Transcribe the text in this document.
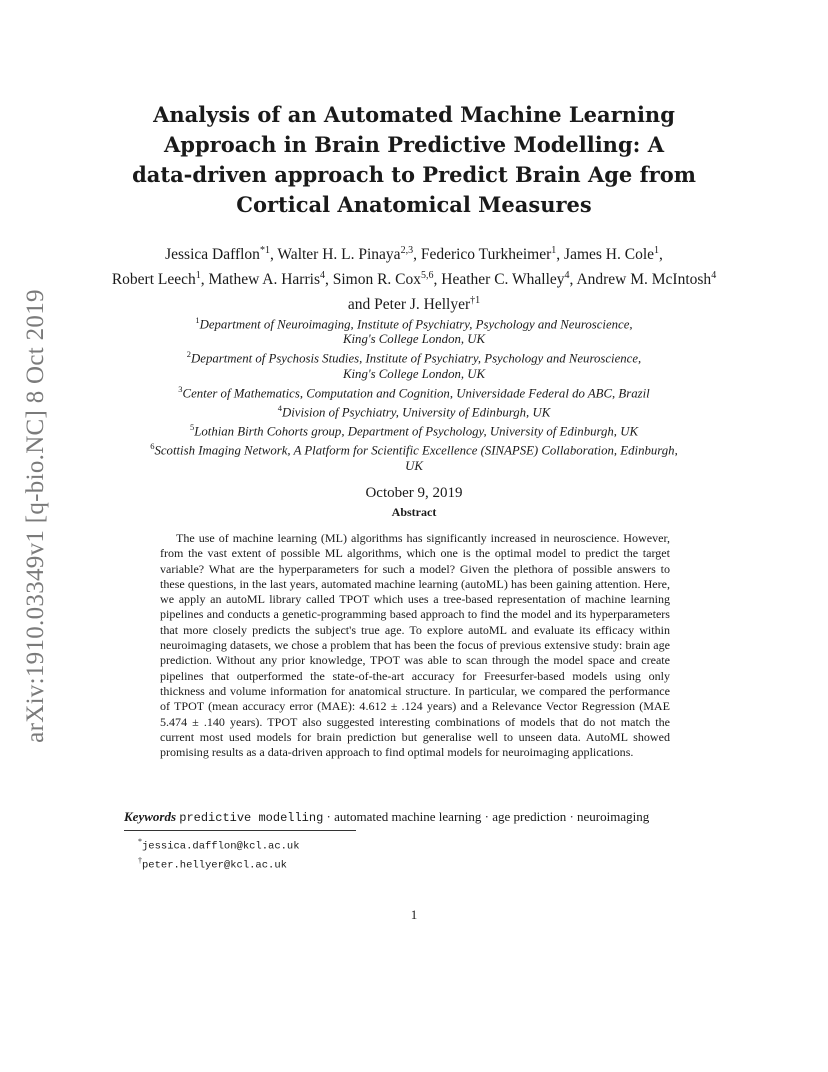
arXiv:1910.03349v1 [q-bio.NC] 8 Oct 2019
Analysis of an Automated Machine Learning
Approach in Brain Predictive Modelling: A
data-driven approach to Predict Brain Age from
Cortical Anatomical Measures
Jessica Dafflon$^{*1}$, Walter H. L. Pinaya$^{2,3}$, Federico Turkheimer$^1$, James H. Cole$^1$,
Robert Leech$^1$, Mathew A. Harris$^4$, Simon R. Cox$^{5,6}$, Heather C. Whalley$^4$, Andrew M. McIntosh$^4$ and Peter J. Hellyer$^{\dagger 1}$
$^1$Department of Neuroimaging, Institute of Psychiatry, Psychology and Neuroscience,
King's College London, UK
$^2$Department of Psychosis Studies, Institute of Psychiatry, Psychology and Neuroscience,
King's College London, UK
$^3$Center of Mathematics, Computation and Cognition, Universidade Federal do ABC, Brazil
$^4$Division of Psychiatry, University of Edinburgh, UK
$^5$Lothian Birth Cohorts group, Department of Psychology, University of Edinburgh, UK
$^6$Scottish Imaging Network, A Platform for Scientific Excellence (SINAPSE) Collaboration, Edinburgh,
UK
October 9, 2019
Abstract

The use of machine learning (ML) algorithms has significantly increased in neuroscience. However, from the vast extent of possible ML algorithms, which one is the optimal model to predict the target variable? What are the hyperparameters for such a model? Given the plethora of possible answers to these questions, in the last years, automated machine learning (autoML) has been gaining attention. Here, we apply an autoML library called TPOT which uses a tree-based representation of machine learning pipelines and conducts a genetic-programming based approach to find the model and its hyperparameters that more closely predicts the subject's true age. To explore autoML and evaluate its efficacy within neuroimaging datasets, we chose a problem that has been the focus of previous extensive study: brain age prediction. Without any prior knowledge, TPOT was able to scan through the model space and create pipelines that outperformed the state-of-the-art accuracy for Freesurfer-based models using only thickness and volume information for anatomical structure. In particular, we compared the performance of TPOT (mean accuracy error (MAE): 4.612 ± .124 years) and a Relevance Vector Regression (MAE 5.474 ± .140 years). TPOT also suggested interesting combinations of models that do not match the current most used models for brain prediction but generalise well to unseen data. AutoML showed promising results as a data-driven approach to find optimal models for neuroimaging applications.

Keywords predictive modelling · automated machine learning · age prediction · neuroimaging
*jessica.dafflon@kcl.ac.uk
†peter.hellyer@kcl.ac.uk
1
